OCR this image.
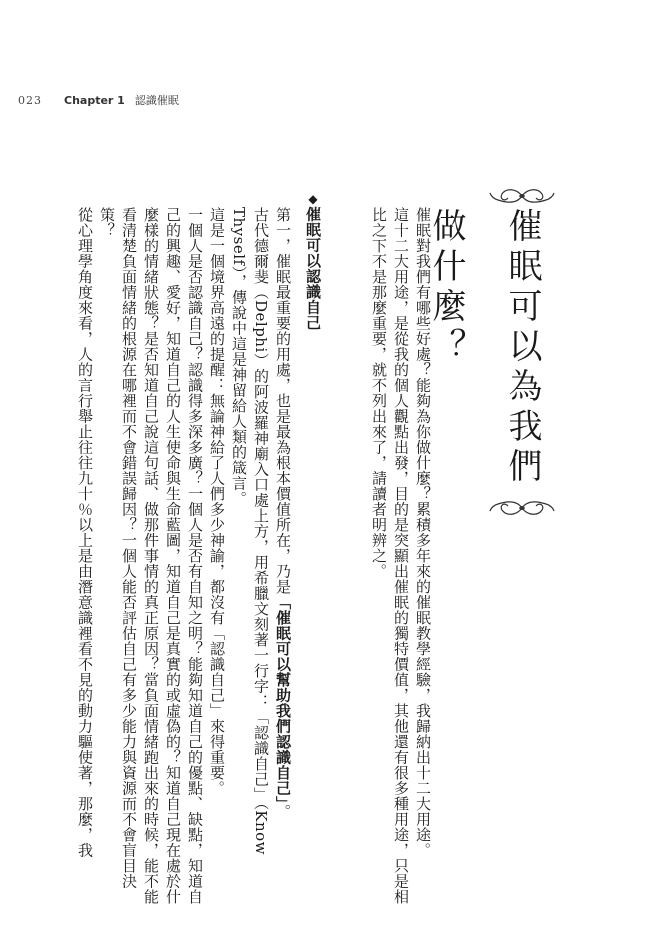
023 Chapter 1 認識催眠
催眠可以為我們做什麼？

催眠對我們有哪些好處？能夠為你做什麼？累積多年來的催眠教學經驗，我歸納出十二大用途。

這十二大用途，是從我的個人觀點出發，目的是突顯出催眠的獨特價值，其他還有很多種用途，只是相比之下不是那麼重要，就不列出來了，請讀者明辨之。

◆催眠可以認識自己

第一，催眠最重要的用處，也是最為根本價值所在，乃是「催眠可以幫助我們認識自己」。

古代德爾斐（Delphi）的阿波羅神廟入口處上方，用希臘文刻著一行字：「認識自己」（Know Thyself），傳說中這是神留給人類的箴言。

這是一個境界高遠的提醒：無論神給了人們多少神諭，都沒有「認識自己」來得重要。

一個人是否認識自己？認識得多深多廣？一個人是否有自知之明？能夠知道自己的優點、缺點，知道自己的興趣、愛好，知道自己的人生使命與生命藍圖，知道自己是真實的或虛偽的？知道自己現在處於什麼樣的情緒狀態？是否知道自己說這句話、做那件事情的真正原因？當負面情緒跑出來的時候，能不能看清楚負面情緒的根源在哪裡而不會錯誤歸因？一個人能否評估自己有多少能力與資源而不會盲目決策？

從心理學角度來看，人的言行舉止往往九十％以上是由潛意識裡看不見的動力驅使著，那麼，我
